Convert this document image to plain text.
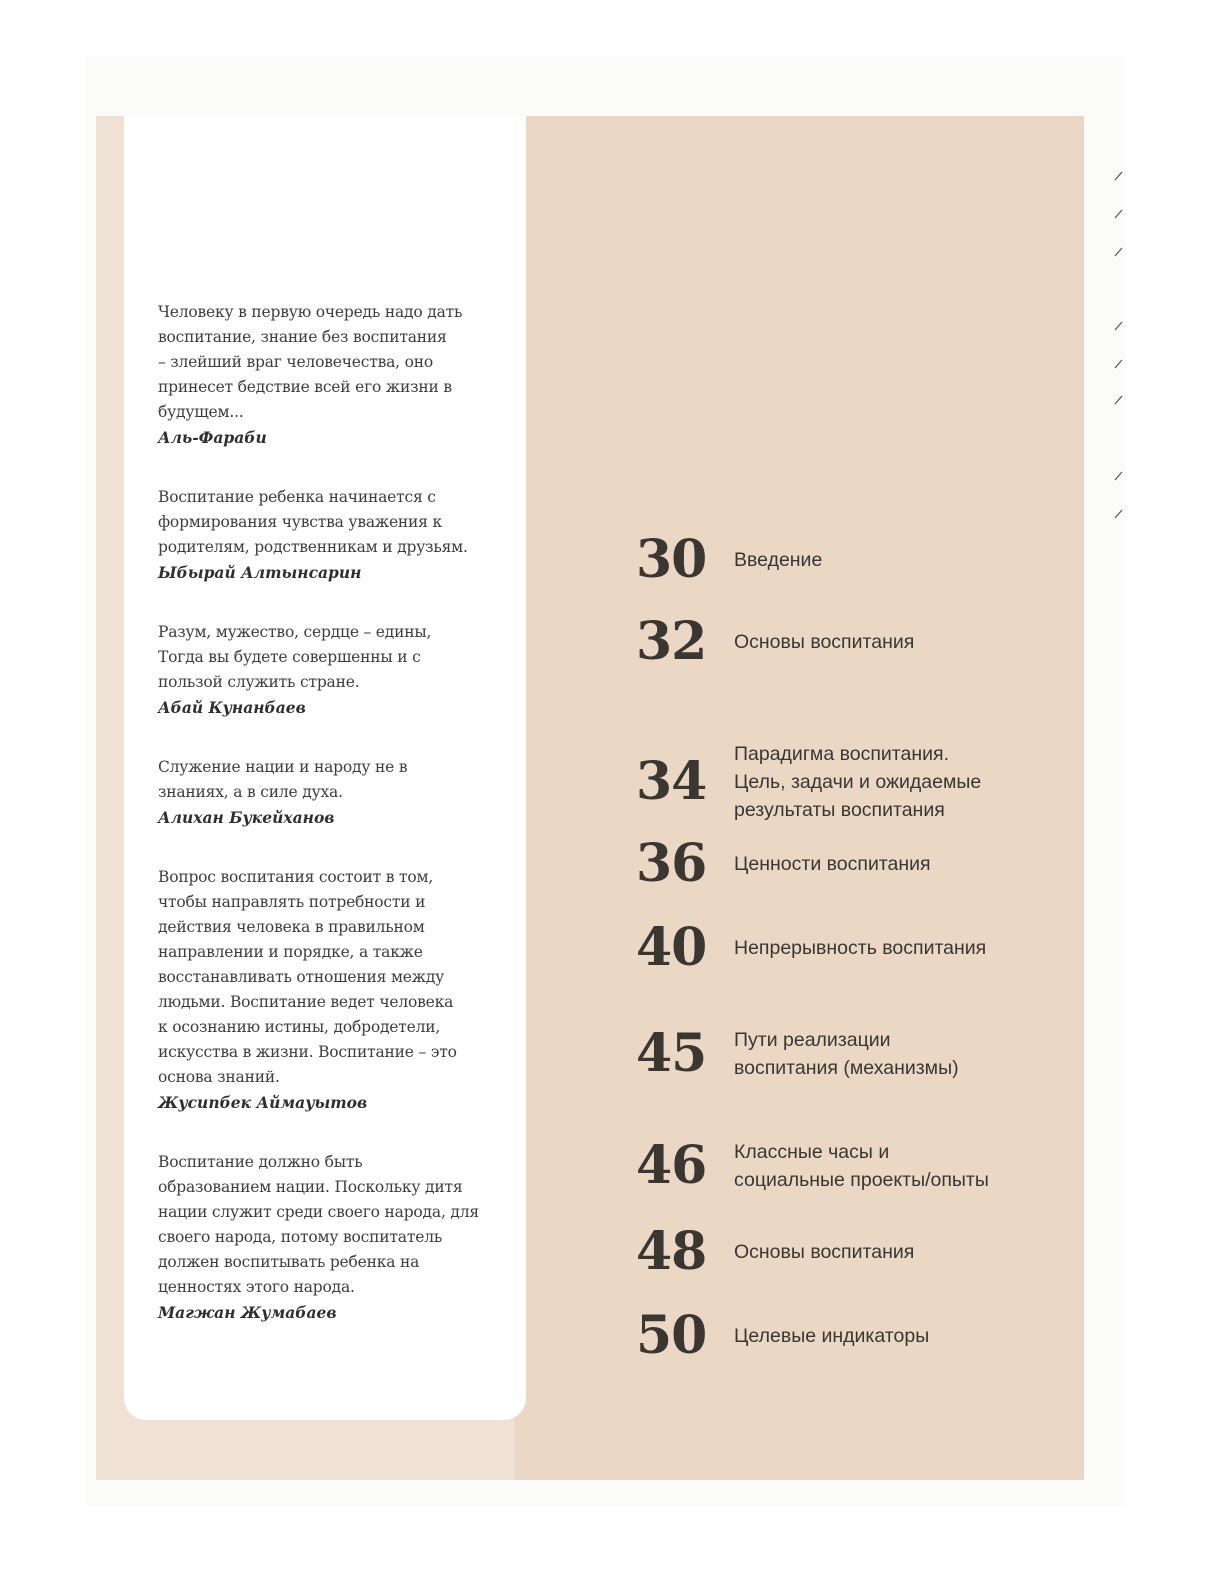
Человеку в первую очередь надо дать
воспитание, знание без воспитания
– злейший враг человечества, оно
принесет бедствие всей его жизни в
будущем...
Аль-Фараби
Воспитание ребенка начинается с
формирования чувства уважения к
родителям, родственникам и друзьям.
Ыбырай Алтынсарин
Разум, мужество, сердце – едины,
Тогда вы будете совершенны и с
пользой служить стране.
Абай Кунанбаев
Служение нации и народу не в
знаниях, а в силе духа.
Алихан Букейханов
Вопрос воспитания состоит в том,
чтобы направлять потребности и
действия человека в правильном
направлении и порядке, а также
восстанавливать отношения между
людьми. Воспитание ведет человека
к осознанию истины, добродетели,
искусства в жизни. Воспитание – это
основа знаний.
Жусипбек Аймауытов
Воспитание должно быть
образованием нации. Поскольку дитя
нации служит среди своего народа, для
своего народа, потому воспитатель
должен воспитывать ребенка на
ценностях этого народа.
Магжан Жумабаев
30	Введение
32	Основы воспитания
34	Парадигма воспитания.
Цель, задачи и ожидаемые
результаты воспитания
36	Ценности воспитания
40	Непрерывность воспитания
45	Пути реализации
воспитания (механизмы)
46	Классные часы и
социальные проекты/опыты
48	Основы воспитания
50	Целевые индикаторы
